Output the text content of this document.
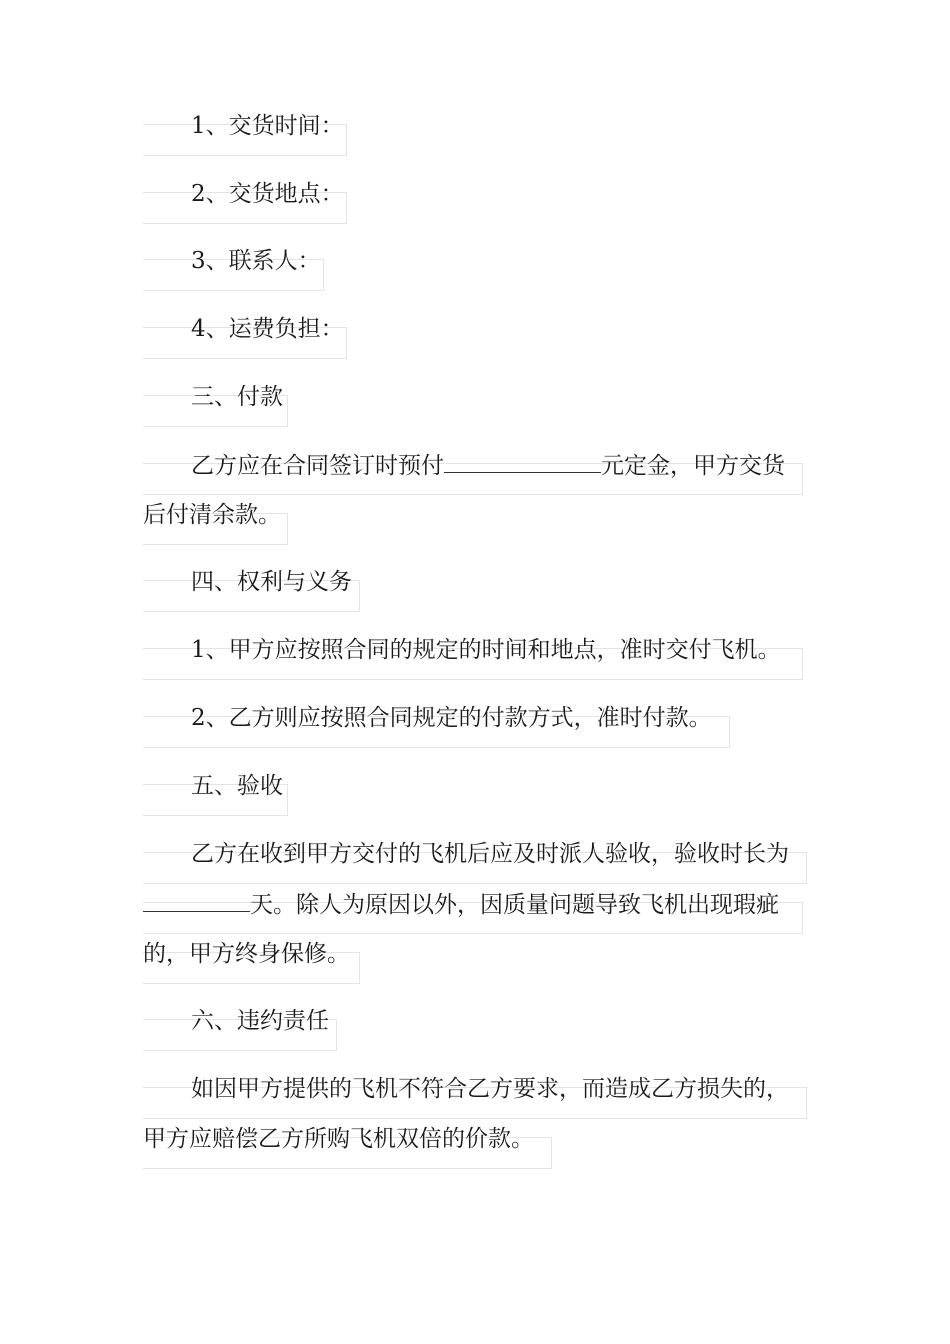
1、交货时间：
2、交货地点：
3、联系人：
4、运费负担：
三、付款
乙方应在合同签订时预付	元定金，甲方交货
后付清余款。
四、权利与义务
1、甲方应按照合同的规定的时间和地点，准时交付飞机。
2、乙方则应按照合同规定的付款方式，准时付款。
五、验收
乙方在收到甲方交付的飞机后应及时派人验收，验收时长为
天。除人为原因以外，因质量问题导致飞机出现瑕疵
的，甲方终身保修。
六、违约责任
如因甲方提供的飞机不符合乙方要求，而造成乙方损失的，
甲方应赔偿乙方所购飞机双倍的价款。
